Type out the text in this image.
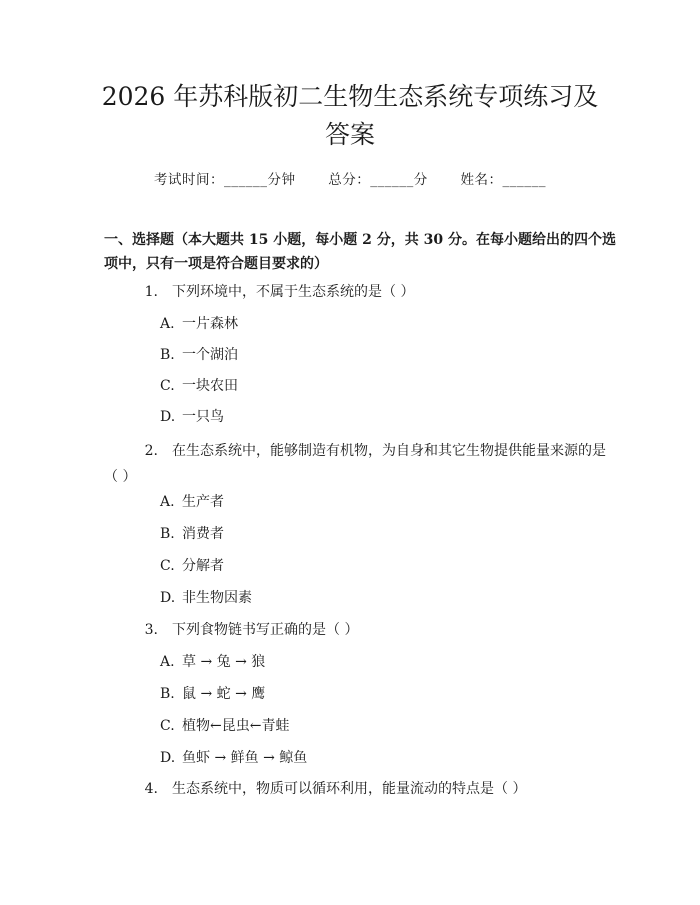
2026 年苏科版初二生物生态系统专项练习及
答案
考试时间：______分钟 总分：______分 姓名：______

一、选择题（本大题共 15 小题，每小题 2 分，共 30 分。在每小题给出的四个选
项中，只有一项是符合题目要求的）

1. 下列环境中，不属于生态系统的是（ ）
A. 一片森林
B. 一个湖泊
C. 一块农田
D. 一只鸟
2. 在生态系统中，能够制造有机物，为自身和其它生物提供能量来源的是
（ ）
A. 生产者
B. 消费者
C. 分解者
D. 非生物因素
3. 下列食物链书写正确的是（ ）
A. 草 → 兔 → 狼
B. 鼠 → 蛇 → 鹰
C. 植物←昆虫←青蛙
D. 鱼虾 → 鲜鱼 → 鲸鱼
4. 生态系统中，物质可以循环利用，能量流动的特点是（ ）
